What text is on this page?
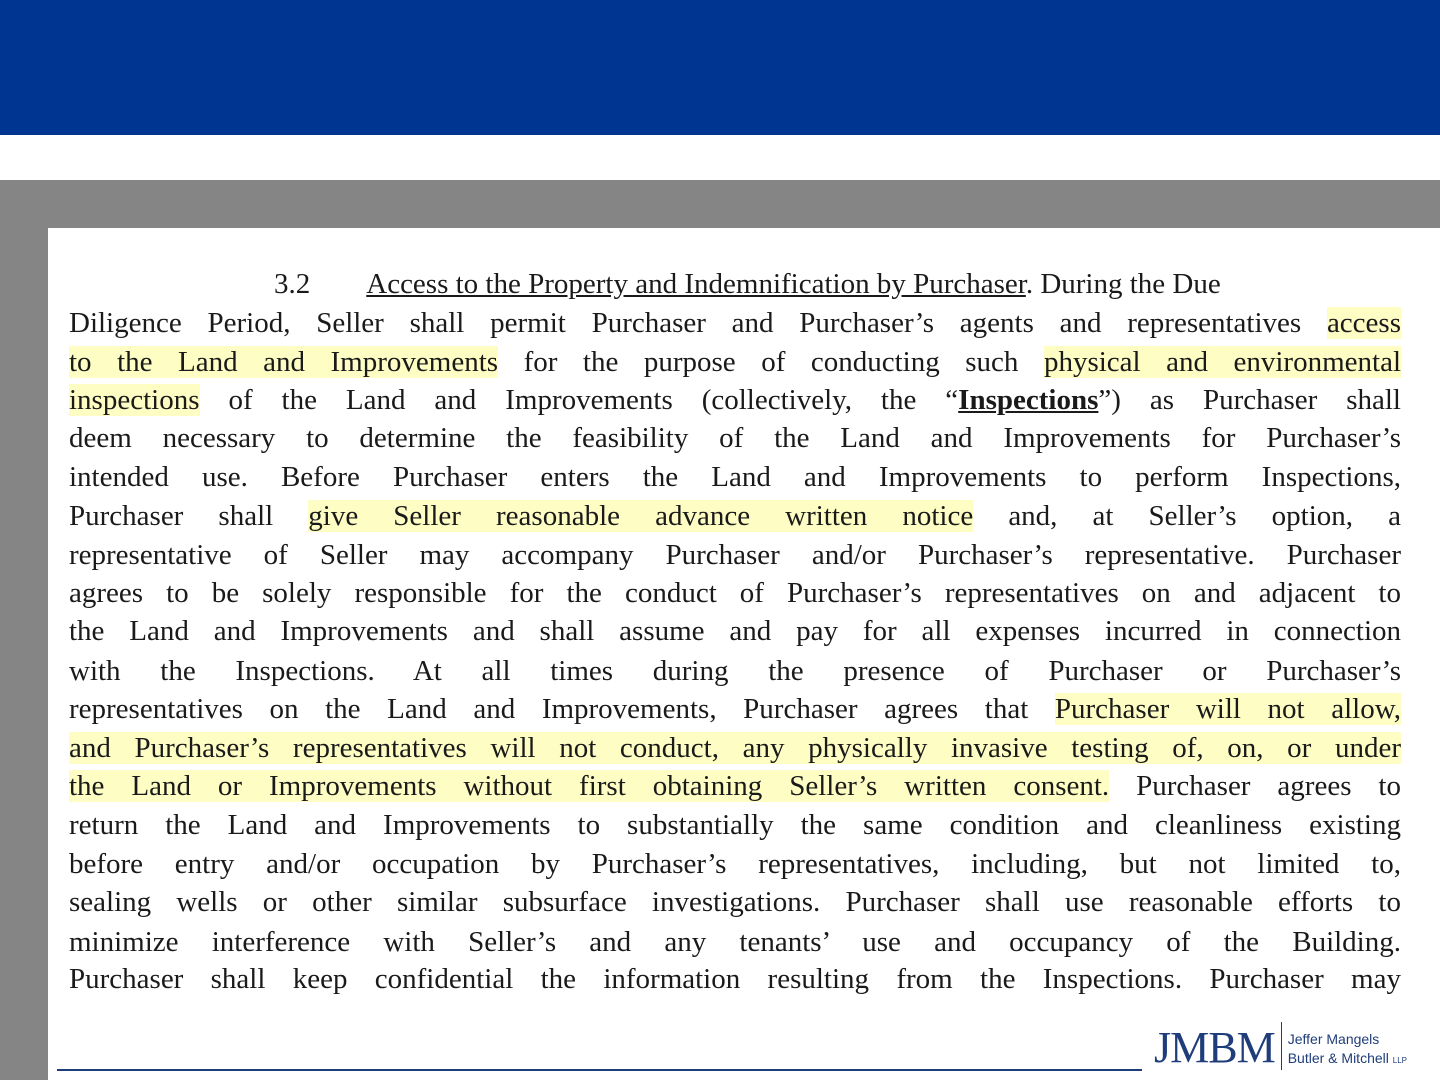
3.2 Access to the Property and Indemnification by Purchaser. During the Due
Diligence Period, Seller shall permit Purchaser and Purchaser’s agents and representatives access
to the Land and Improvements for the purpose of conducting such physical and environmental
inspections of the Land and Improvements (collectively, the “Inspections”) as Purchaser shall
deem necessary to determine the feasibility of the Land and Improvements for Purchaser’s
intended use. Before Purchaser enters the Land and Improvements to perform Inspections,
Purchaser shall give Seller reasonable advance written notice and, at Seller’s option, a
representative of Seller may accompany Purchaser and/or Purchaser’s representative. Purchaser
agrees to be solely responsible for the conduct of Purchaser’s representatives on and adjacent to
the Land and Improvements and shall assume and pay for all expenses incurred in connection
with the Inspections. At all times during the presence of Purchaser or Purchaser’s
representatives on the Land and Improvements, Purchaser agrees that Purchaser will not allow,
and Purchaser’s representatives will not conduct, any physically invasive testing of, on, or under
the Land or Improvements without first obtaining Seller’s written consent. Purchaser agrees to
return the Land and Improvements to substantially the same condition and cleanliness existing
before entry and/or occupation by Purchaser’s representatives, including, but not limited to,
sealing wells or other similar subsurface investigations. Purchaser shall use reasonable efforts to
minimize interference with Seller’s and any tenants’ use and occupancy of the Building.
Purchaser shall keep confidential the information resulting from the Inspections. Purchaser may
JMBM Jeffer Mangels
Butler & Mitchell LLP
